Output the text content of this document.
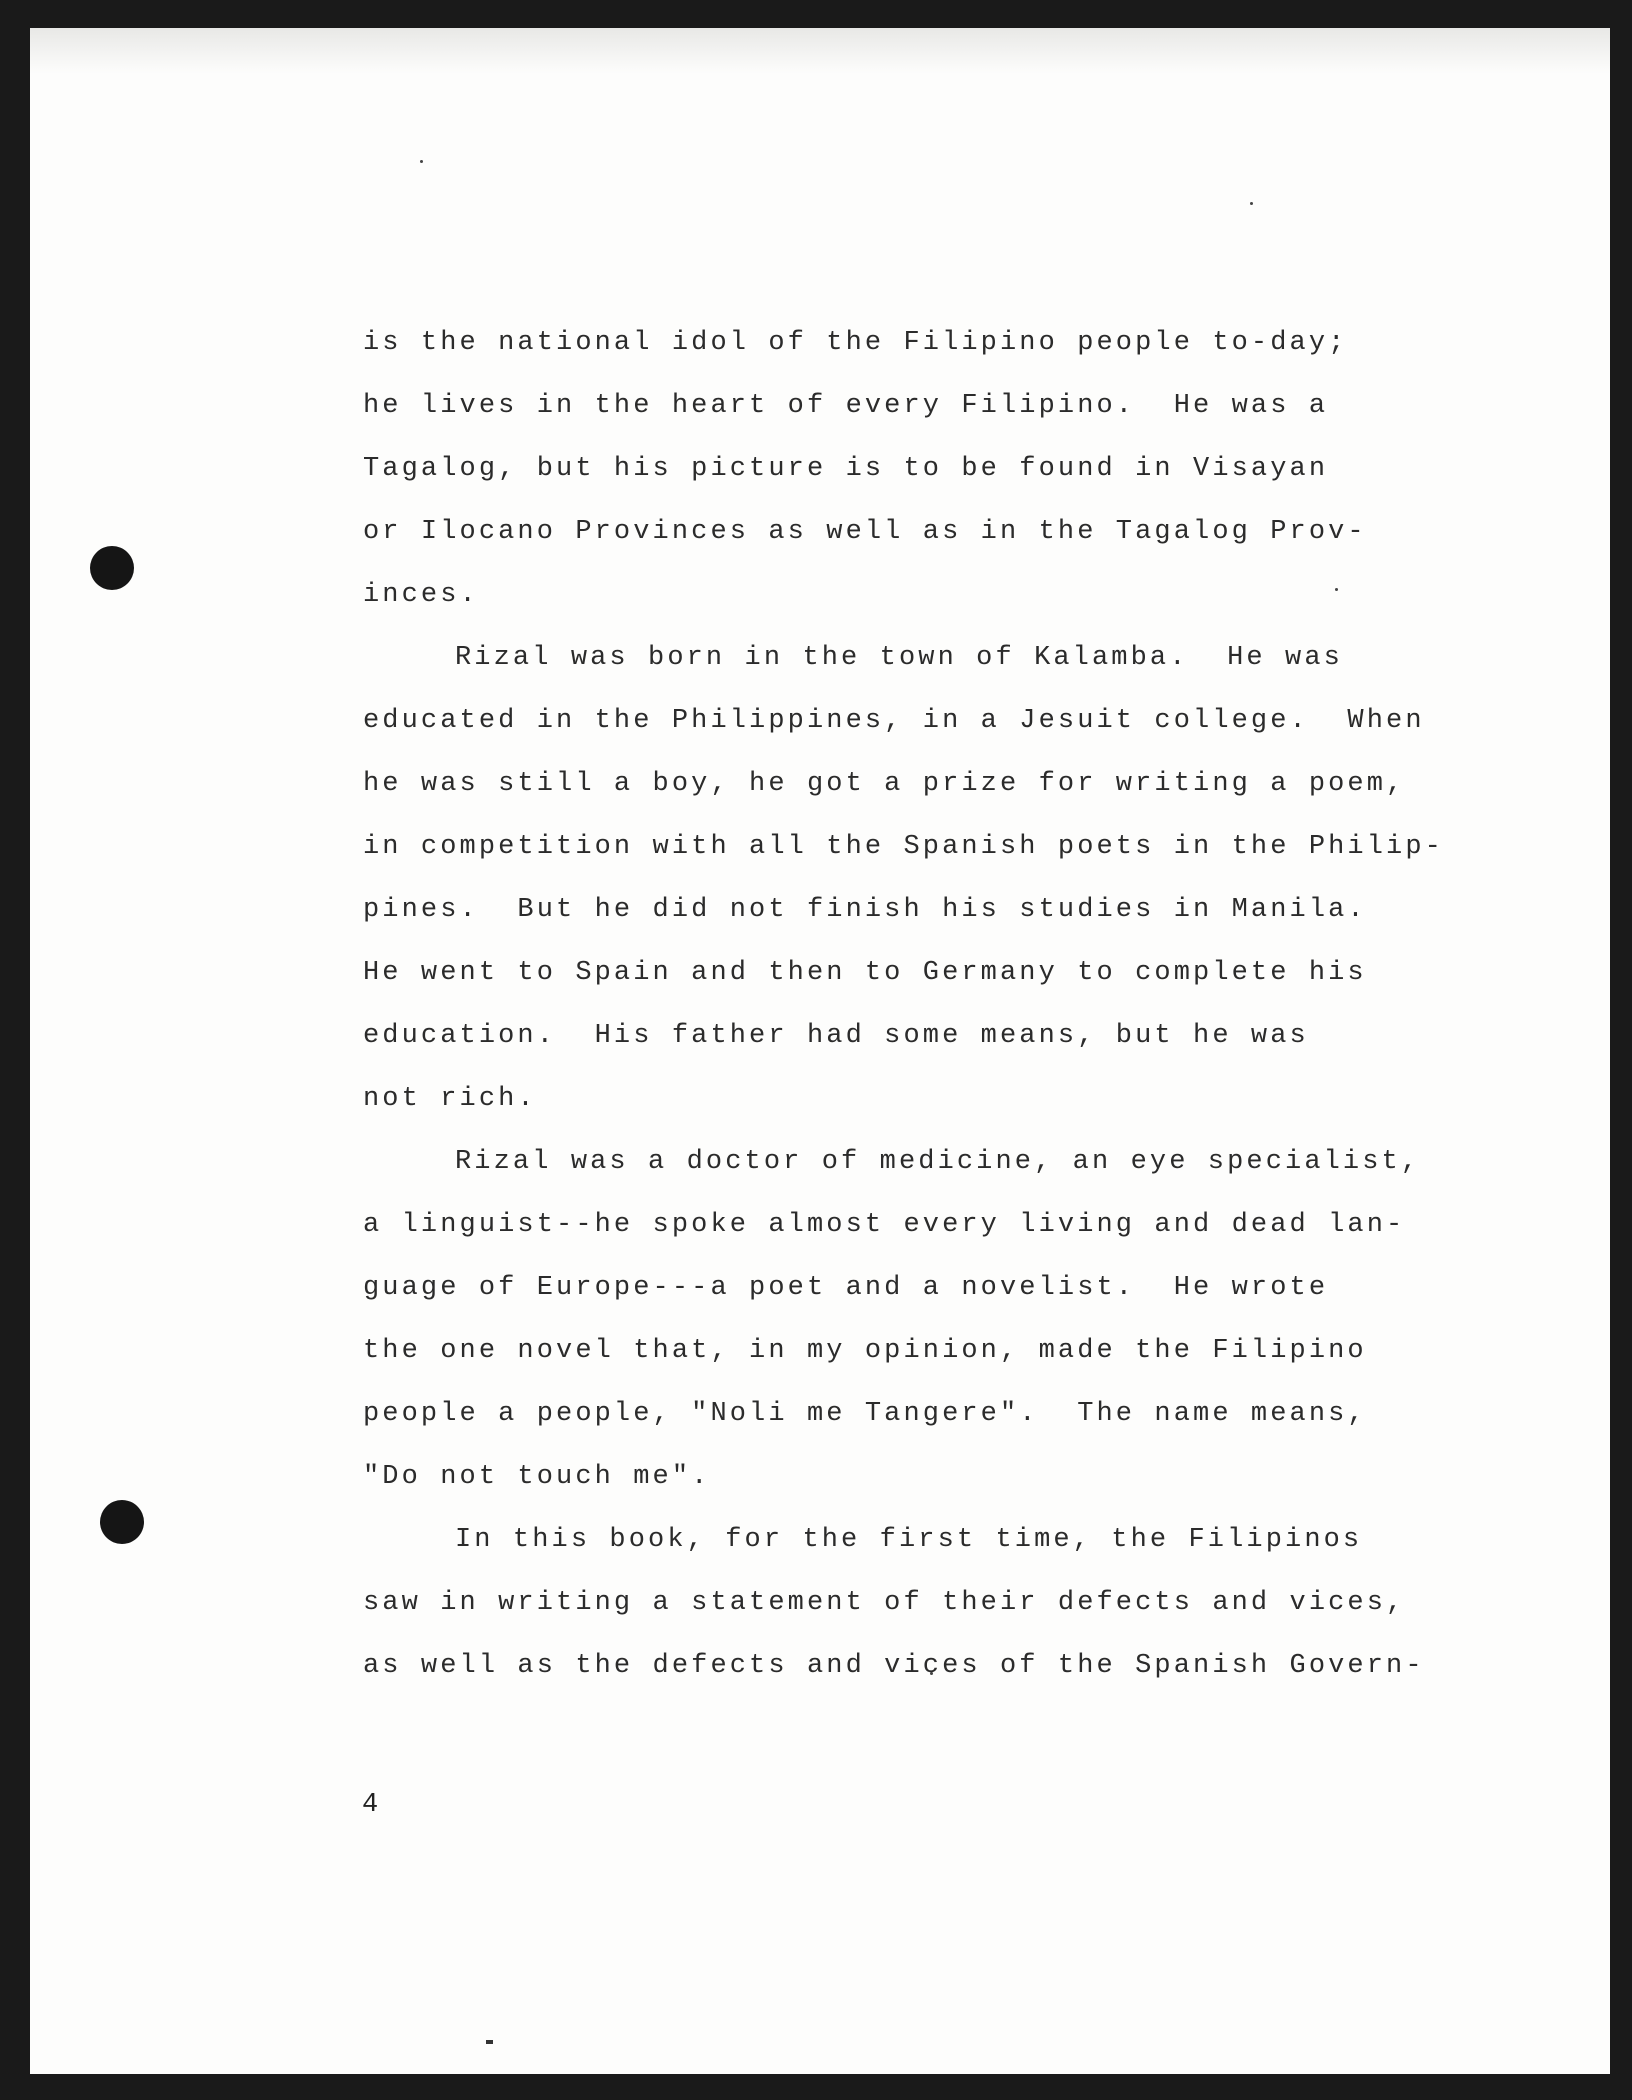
is the national idol of the Filipino people to-day;
he lives in the heart of every Filipino.  He was a
Tagalog, but his picture is to be found in Visayan
or Ilocano Provinces as well as in the Tagalog Prov-
inces.
Rizal was born in the town of Kalamba.  He was
educated in the Philippines, in a Jesuit college.  When
he was still a boy, he got a prize for writing a poem,
in competition with all the Spanish poets in the Philip-
pines.  But he did not finish his studies in Manila.
He went to Spain and then to Germany to complete his
education.  His father had some means, but he was
not rich.
Rizal was a doctor of medicine, an eye specialist,
a linguist--he spoke almost every living and dead lan-
guage of Europe---a poet and a novelist.  He wrote
the one novel that, in my opinion, made the Filipino
people a people, "Noli me Tangere".  The name means,
"Do not touch me".
In this book, for the first time, the Filipinos
saw in writing a statement of their defects and vices,
as well as the defects and vices of the Spanish Govern-
4
